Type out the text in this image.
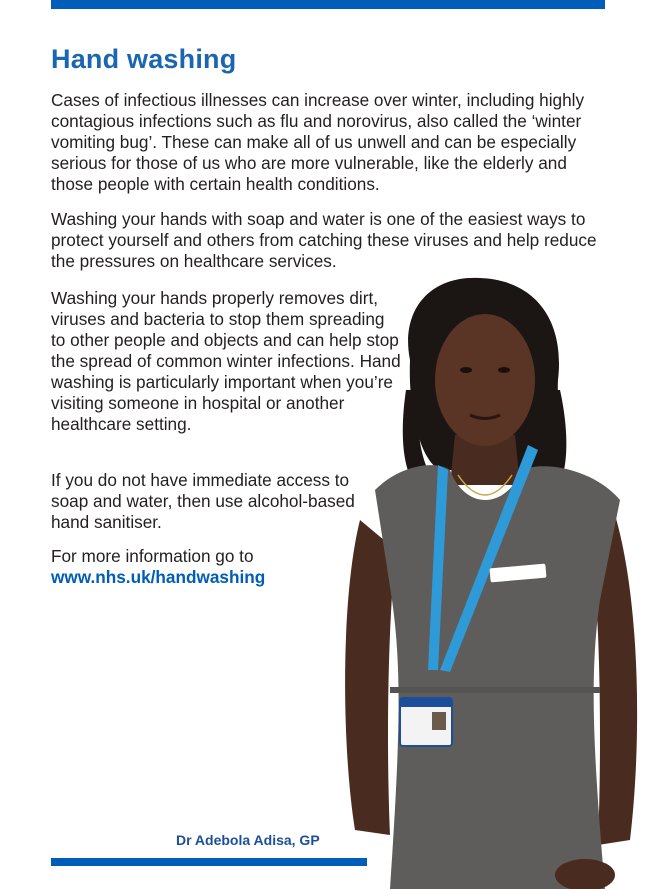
Hand washing

Cases of infectious illnesses can increase over winter, including highly contagious infections such as flu and norovirus, also called the ‘winter vomiting bug’. These can make all of us unwell and can be especially serious for those of us who are more vulnerable, like the elderly and those people with certain health conditions.

Washing your hands with soap and water is one of the easiest ways to protect yourself and others from catching these viruses and help reduce the pressures on healthcare services.

Washing your hands properly removes dirt, viruses and bacteria to stop them spreading to other people and objects and can help stop the spread of common winter infections. Hand washing is particularly important when you’re visiting someone in hospital or another healthcare setting.

If you do not have immediate access to soap and water, then use alcohol-based hand sanitiser.

For more information go to
www.nhs.uk/handwashing
Dr Adebola Adisa, GP
